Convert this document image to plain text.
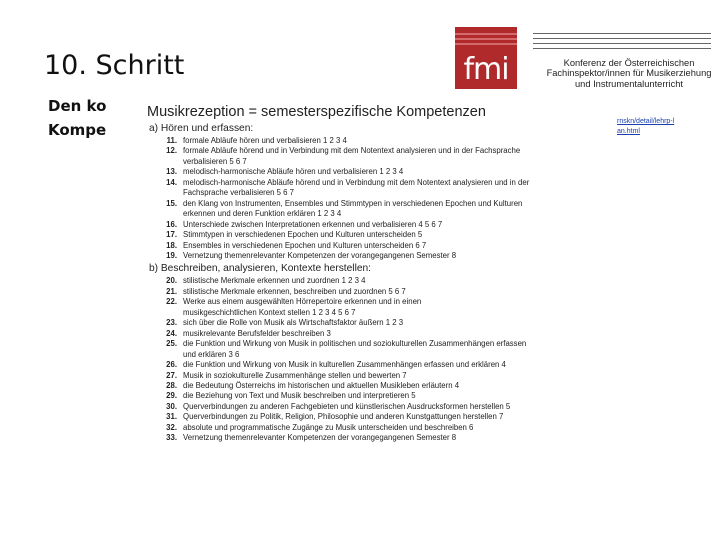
10. Schritt
Den ko
Kompe	rnskn/detail/lehrp-lan.html
fmi	Konferenz der Österreichischen
Fachinspektor/innen für Musikerziehung
und Instrumentalunterricht
Musikrezeption = semesterspezifische Kompetenzen
a) Hören und erfassen:
11. formale Abläufe hören und verbalisieren 1 2 3 4
12. formale Abläufe hörend und in Verbindung mit dem Notentext analysieren und in der Fachsprache
verbalisieren 5 6 7
13. melodisch-harmonische Abläufe hören und verbalisieren 1 2 3 4
14. melodisch-harmonische Abläufe hörend und in Verbindung mit dem Notentext analysieren und in der
Fachsprache verbalisieren 5 6 7
15. den Klang von Instrumenten, Ensembles und Stimmtypen in verschiedenen Epochen und Kulturen
erkennen und deren Funktion erklären 1 2 3 4
16. Unterschiede zwischen Interpretationen erkennen und verbalisieren 4 5 6 7
17. Stimmtypen in verschiedenen Epochen und Kulturen unterscheiden 5
18. Ensembles in verschiedenen Epochen und Kulturen unterscheiden 6 7
19. Vernetzung themenrelevanter Kompetenzen der vorangegangenen Semester 8
b) Beschreiben, analysieren, Kontexte herstellen:
20. stilistische Merkmale erkennen und zuordnen 1 2 3 4
21. stilistische Merkmale erkennen, beschreiben und zuordnen 5 6 7
22. Werke aus einem ausgewählten Hörrepertoire erkennen und in einen
musikgeschichtlichen Kontext stellen 1 2 3 4 5 6 7
23. sich über die Rolle von Musik als Wirtschaftsfaktor äußern 1 2 3
24. musikrelevante Berufsfelder beschreiben 3
25. die Funktion und Wirkung von Musik in politischen und soziokulturellen Zusammenhängen erfassen
und erklären 3 6
26. die Funktion und Wirkung von Musik in kulturellen Zusammenhängen erfassen und erklären 4
27. Musik in soziokulturelle Zusammenhänge stellen und bewerten 7
28. die Bedeutung Österreichs im historischen und aktuellen Musikleben erläutern 4
29. die Beziehung von Text und Musik beschreiben und interpretieren 5
30. Querverbindungen zu anderen Fachgebieten und künstlerischen Ausdrucksformen herstellen 5
31. Querverbindungen zu Politik, Religion, Philosophie und anderen Kunstgattungen herstellen 7
32. absolute und programmatische Zugänge zu Musik unterscheiden und beschreiben 6
33. Vernetzung themenrelevanter Kompetenzen der vorangegangenen Semester 8
